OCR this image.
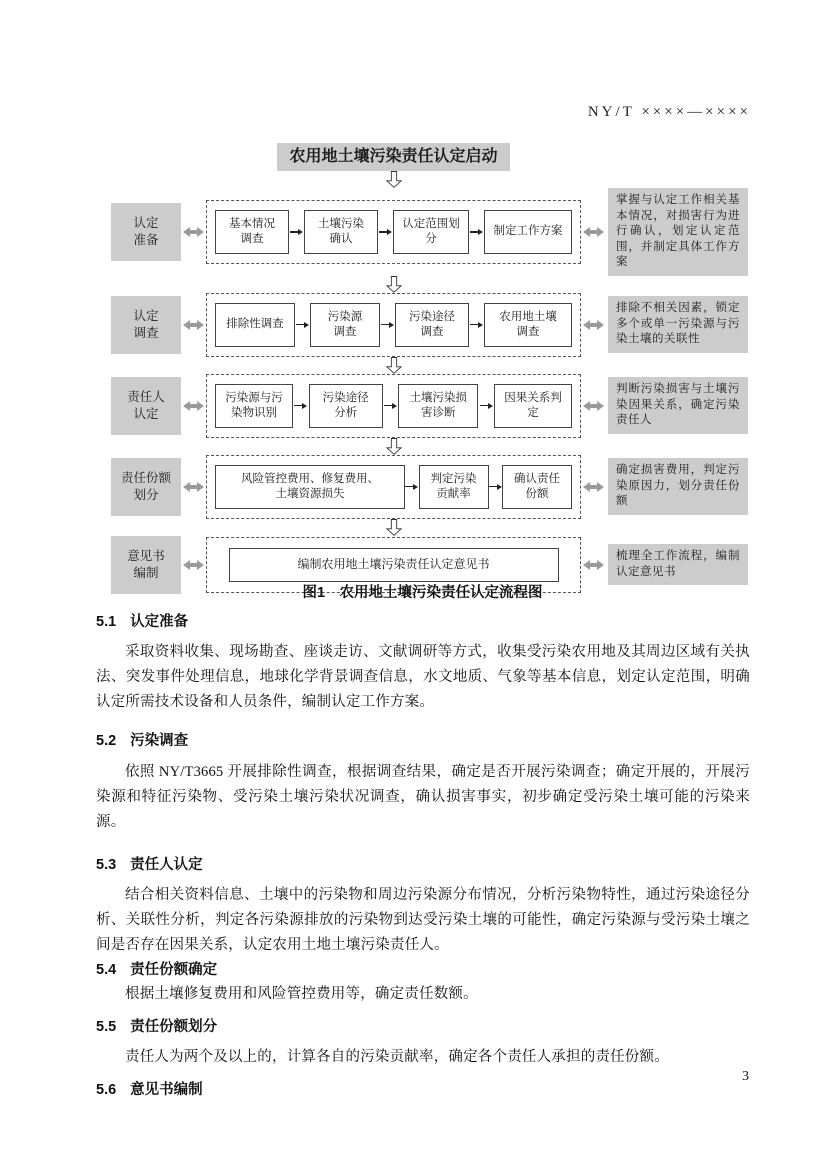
NY/T ××××—××××
农用地土壤污染责任认定启动
认定
准备
基本情况
调查
土壤污染
确认
认定范围划
分
制定工作方案
掌握与认定工作相关基本情况，对损害行为进行确认，划定认定范围，并制定具体工作方案
认定
调查
排除性调查
污染源
调查
污染途径
调查
农用地土壤
调查
排除不相关因素，锁定多个或单一污染源与污染土壤的关联性
责任人
认定
污染源与污
染物识别
污染途径
分析
土壤污染损
害诊断
因果关系判
定
判断污染损害与土壤污染因果关系，确定污染责任人
责任份额
划分
风险管控费用、修复费用、
土壤资源损失
判定污染
贡献率
确认责任
份额
确定损害费用，判定污染原因力，划分责任份额
意见书
编制
编制农用地土壤污染责任认定意见书
梳理全工作流程，编制认定意见书
图1　农用地土壤污染责任认定流程图
5.1 认定准备

采取资料收集、现场勘查、座谈走访、文献调研等方式，收集受污染农用地及其周边区域有关执法、突发事件处理信息，地球化学背景调查信息，水文地质、气象等基本信息，划定认定范围，明确认定所需技术设备和人员条件，编制认定工作方案。

5.2 污染调查

依照 NY/T3665 开展排除性调查，根据调查结果，确定是否开展污染调查；确定开展的，开展污染源和特征污染物、受污染土壤污染状况调查，确认损害事实，初步确定受污染土壤可能的污染来源。

5.3 责任人认定

结合相关资料信息、土壤中的污染物和周边污染源分布情况，分析污染物特性，通过污染途径分析、关联性分析，判定各污染源排放的污染物到达受污染土壤的可能性，确定污染源与受污染土壤之间是否存在因果关系，认定农用土地土壤污染责任人。

5.4 责任份额确定

根据土壤修复费用和风险管控费用等，确定责任数额。

5.5 责任份额划分

责任人为两个及以上的，计算各自的污染贡献率，确定各个责任人承担的责任份额。

5.6 意见书编制
3
